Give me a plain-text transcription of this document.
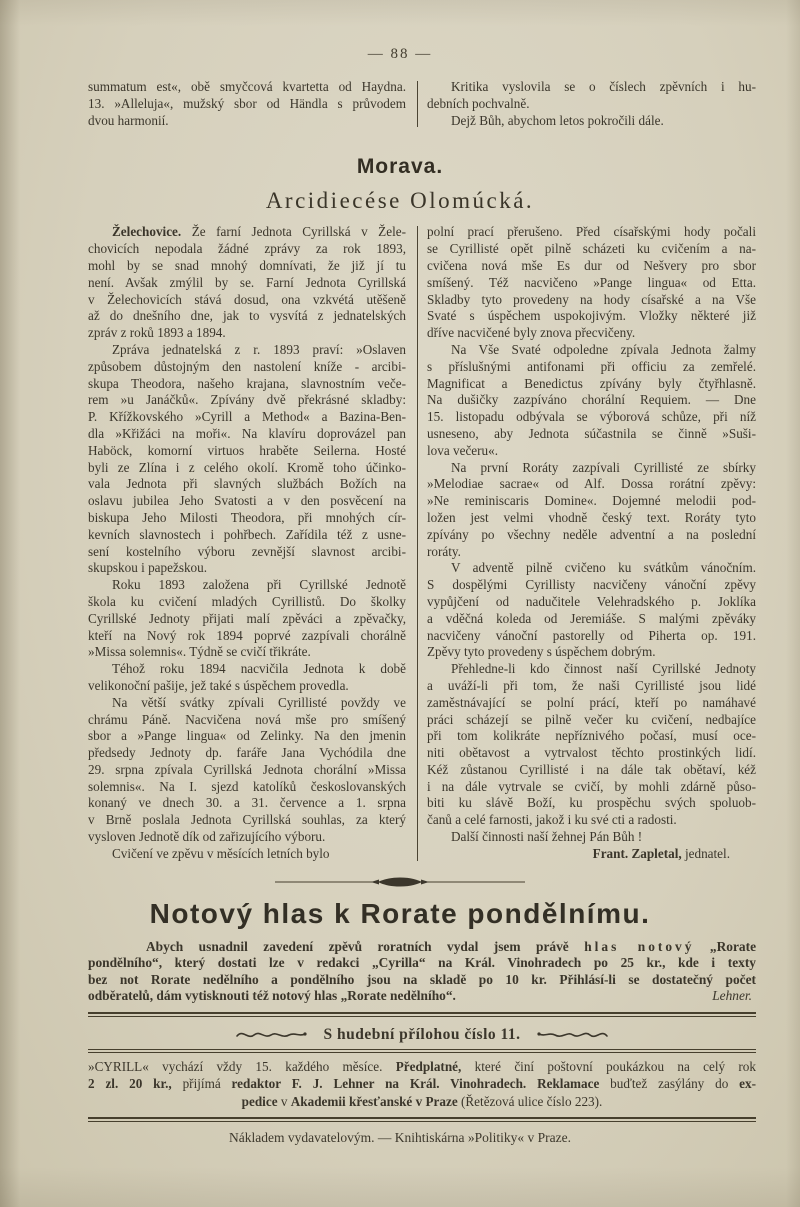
— 88 —
summatum est«, obě smyčcová kvartetta od Haydna.
13. »Alleluja«, mužský sbor od Händla s průvodem
dvou harmonií.
Kritika vyslovila se o číslech zpěvních i hu-
debních pochvalně.
Dejž Bůh, abychom letos pokročili dále.
Morava.
Arcidiecése Olomúcká.
Želechovice. Že farní Jednota Cyrillská v Žele-
chovicích nepodala žádné zprávy za rok 1893,
mohl by se snad mnohý domnívati, že již jí tu
není. Avšak zmýlil by se. Farní Jednota Cyrillská
v Želechovicích stává dosud, ona vzkvétá utěšeně
až do dnešního dne, jak to vysvítá z jednatelských
zpráv z roků 1893 a 1894.
Zpráva jednatelská z r. 1893 praví: »Oslaven
způsobem důstojným den nastolení kníže - arcibi-
skupa Theodora, našeho krajana, slavnostním veče-
rem »u Janáčků«. Zpívány dvě překrásné skladby:
P. Křížkovského »Cyrill a Method« a Bazina-Ben-
dla »Křižáci na moři«. Na klavíru doprovázel pan
Haböck, komorní virtuos hraběte Seilerna. Hosté
byli ze Zlína i z celého okolí. Kromě toho účinko-
vala Jednota při slavných službách Božích na
oslavu jubilea Jeho Svatosti a v den posvěcení na
biskupa Jeho Milosti Theodora, při mnohých cír-
kevních slavnostech i pohřbech. Zařídila též z usne-
sení kostelního výboru zevnější slavnost arcibi-
skupskou i papežskou.
Roku 1893 založena při Cyrillské Jednotě
škola ku cvičení mladých Cyrillistů. Do školky
Cyrillské Jednoty přijati malí zpěváci a zpěvačky,
kteří na Nový rok 1894 poprvé zazpívali chorálně
»Missa solemnis«. Týdně se cvičí třikráte.
Téhož roku 1894 nacvičila Jednota k době
velikonoční pašije, jež také s úspěchem provedla.
Na větší svátky zpívali Cyrillisté povždy ve
chrámu Páně. Nacvičena nová mše pro smíšený
sbor a »Pange lingua« od Zelinky. Na den jmenin
předsedy Jednoty dp. faráře Jana Vychódila dne
29. srpna zpívala Cyrillská Jednota chorální »Missa
solemnis«. Na I. sjezd katolíků českoslovanských
konaný ve dnech 30. a 31. července a 1. srpna
v Brně poslala Jednota Cyrillská souhlas, za který
vysloven Jednotě dík od zařizujícího výboru.
Cvičení ve zpěvu v měsících letních bylo
polní prací přerušeno. Před císařskými hody počali
se Cyrillisté opět pilně scházeti ku cvičením a na-
cvičena nová mše Es dur od Nešvery pro sbor
smíšený. Též nacvičeno »Pange lingua« od Etta.
Skladby tyto provedeny na hody císařské a na Vše
Svaté s úspěchem uspokojivým. Vložky některé již
dříve nacvičené byly znova přecvičeny.
Na Vše Svaté odpoledne zpívala Jednota žalmy
s příslušnými antifonami při officiu za zemřelé.
Magnificat a Benedictus zpívány byly čtyřhlasně.
Na dušičky zazpíváno chorální Requiem. — Dne
15. listopadu odbývala se výborová schůze, při níž
usneseno, aby Jednota súčastnila se činně »Suši-
lova večeru«.
Na první Roráty zazpívali Cyrillisté ze sbírky
»Melodiae sacrae« od Alf. Dossa rorátní zpěvy:
»Ne reminiscaris Domine«. Dojemné melodii pod-
ložen jest velmi vhodně český text. Roráty tyto
zpívány po všechny neděle adventní a na poslední
roráty.
V adventě pilně cvičeno ku svátkům vánočním.
S dospělými Cyrillisty nacvičeny vánoční zpěvy
vypůjčení od nadučitele Velehradského p. Joklíka
a vděčná koleda od Jeremiáše. S malými zpěváky
nacvičeny vánoční pastorelly od Piherta op. 191.
Zpěvy tyto provedeny s úspěchem dobrým.
Přehledne-li kdo činnost naší Cyrillské Jednoty
a uváží-li při tom, že naši Cyrillisté jsou lidé
zaměstnávající se polní prácí, kteří po namáhavé
práci scházejí se pilně večer ku cvičení, nedbajíce
při tom kolikráte nepříznivého počasí, musí oce-
niti obětavost a vytrvalost těchto prostinkých lidí.
Kéž zůstanou Cyrillisté i na dále tak obětaví, kéž
i na dále vytrvale se cvičí, by mohli zdárně půso-
biti ku slávě Boží, ku prospěchu svých spoluob-
čanů a celé farnosti, jakož i ku své cti a radosti.
Další činnosti naší žehnej Pán Bůh !
Frant. Zapletal, jednatel.
Notový hlas k Rorate pondělnímu.
Abych usnadnil zavedení zpěvů roratních vydal jsem právě hlas notový „Rorate
pondělního“, který dostati lze v redakci „Cyrilla“ na Král. Vinohradech po 25 kr., kde i texty
bez not Rorate nedělního a pondělního jsou na skladě po 10 kr. Přihlásí-li se dostatečný počet
odběratelů, dám vytisknouti též notový hlas „Rorate nedělního“.	Lehner.
S hudební přílohou číslo 11.
»CYRILL« vychází vždy 15. každého měsíce. Předplatné, které činí poštovní poukázkou na celý rok
2 zl. 20 kr., přijímá redaktor F. J. Lehner na Král. Vinohradech. Reklamace buďtež zasýlány do ex-
pedice v Akademii křesťanské v Praze (Řetězová ulice číslo 223).
Nákladem vydavatelovým. — Knihtiskárna »Politiky« v Praze.
